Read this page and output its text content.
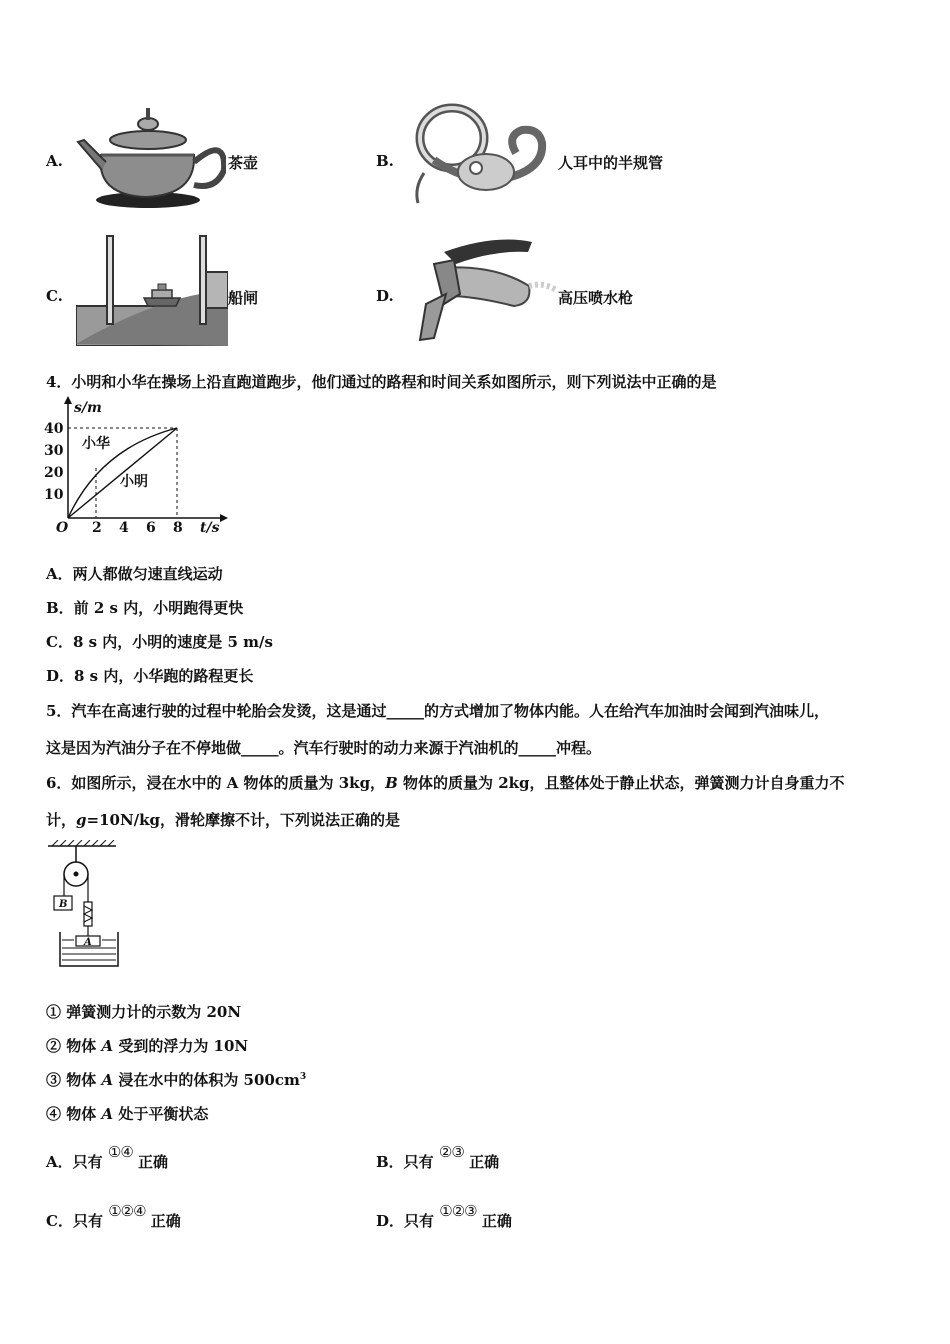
A.	茶壶	B.	人耳中的半规管
C.	船闸	D.	高压喷水枪
4．小明和小华在操场上沿直跑道跑步，他们通过的路程和时间关系如图所示，则下列说法中正确的是
s/m
t/s
O
40
30
20
10
2 4 6 8
小华
小明
A．两人都做匀速直线运动
B．前 2 s 内，小明跑得更快
C．8 s 内，小明的速度是 5 m/s
D．8 s 内，小华跑的路程更长
5．汽车在高速行驶的过程中轮胎会发烫，这是通过_____的方式增加了物体内能。人在给汽车加油时会闻到汽油味儿，
这是因为汽油分子在不停地做_____。汽车行驶时的动力来源于汽油机的_____冲程。
6．如图所示，浸在水中的 A 物体的质量为 3kg，B 物体的质量为 2kg，且整体处于静止状态，弹簧测力计自身重力不
计，g=10N/kg，滑轮摩擦不计，下列说法正确的是
B
A
① 弹簧测力计的示数为 20N
② 物体 A 受到的浮力为 10N
③ 物体 A 浸在水中的体积为 $500cm^3$
④ 物体 A 处于平衡状态
A．只有 ①④ 正确	B．只有 ②③ 正确
C．只有 ①②④ 正确	D．只有 ①②③ 正确
